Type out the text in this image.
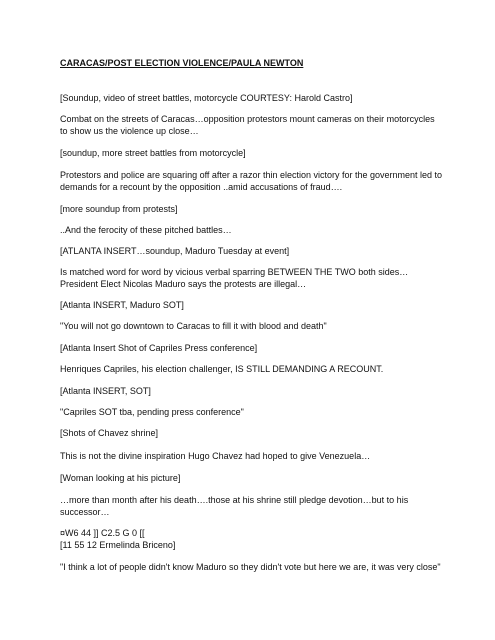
CARACAS/POST ELECTION VIOLENCE/PAULA NEWTON
[Soundup, video of street battles, motorcycle COURTESY: Harold Castro]
Combat on the streets of Caracas…opposition protestors mount cameras on their motorcycles
to show us the violence up close…
[soundup, more street battles from motorcycle]
Protestors and police are squaring off after a razor thin election victory for the government led to
demands for a recount by the opposition ..amid accusations of fraud….
[more soundup from protests]
..And the ferocity of these pitched battles…
[ATLANTA INSERT…soundup, Maduro Tuesday at event]
Is matched word for word by vicious verbal sparring BETWEEN THE TWO both sides…
President Elect Nicolas Maduro says the protests are illegal…
[Atlanta INSERT, Maduro SOT]
"You will not go downtown to Caracas to fill it with blood and death"
[Atlanta Insert Shot of Capriles Press conference]
Henriques Capriles, his election challenger, IS STILL DEMANDING A RECOUNT.
[Atlanta INSERT, SOT]
"Capriles SOT tba, pending press conference"
[Shots of Chavez shrine]
This is not the divine inspiration Hugo Chavez had hoped to give Venezuela…
[Woman looking at his picture]
…more than month after his death….those at his shrine still pledge devotion…but to his
successor…
¤W6 44 ]] C2.5 G 0 [[
[11 55 12 Ermelinda Briceno]
"I think a lot of people didn't know Maduro so they didn't vote but here we are, it was very close"
